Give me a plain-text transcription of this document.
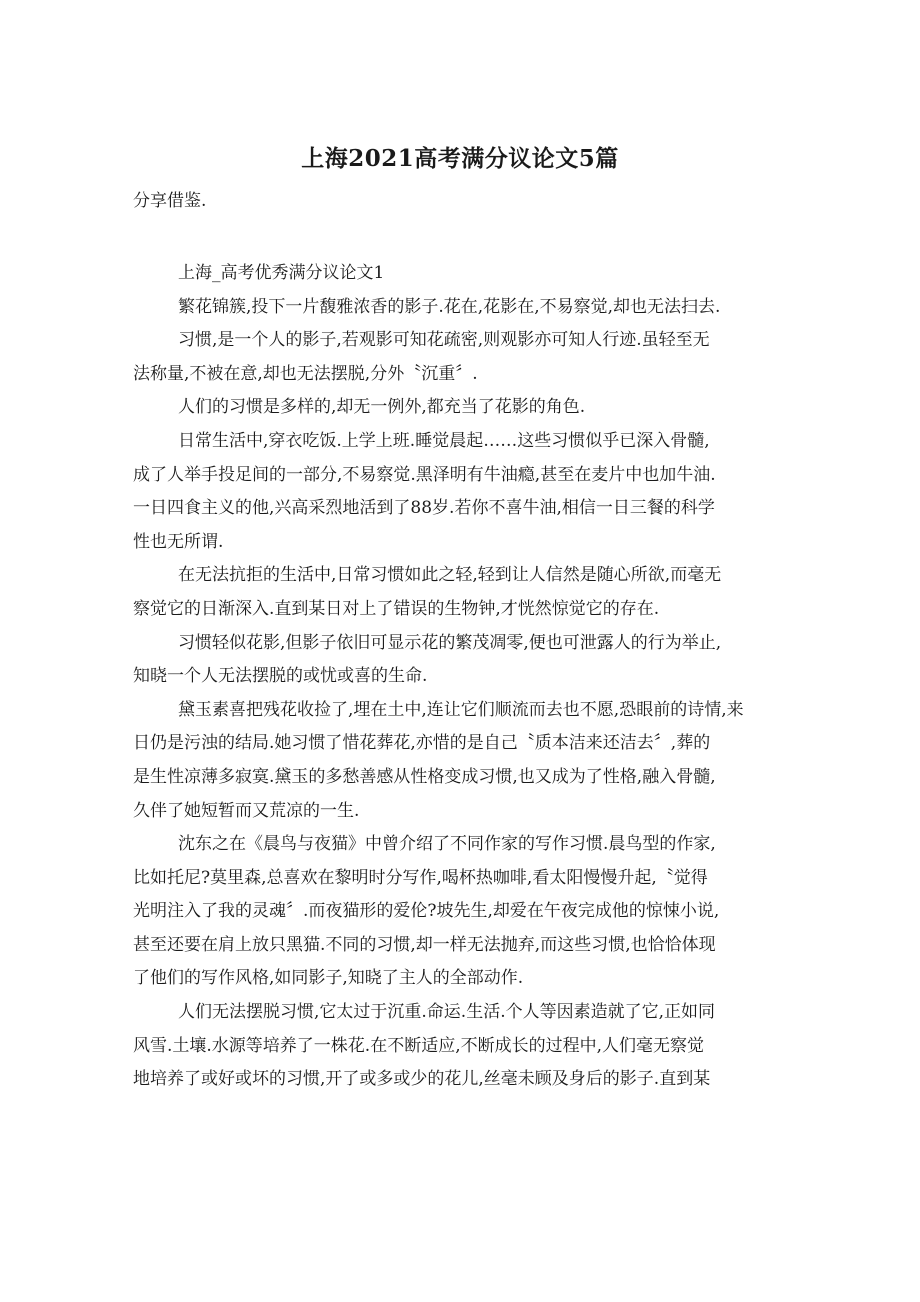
上海2021高考满分议论文5篇
分享借鉴.
上海_高考优秀满分议论文1
繁花锦簇,投下一片馥雅浓香的影子.花在,花影在,不易察觉,却也无法扫去.
习惯,是一个人的影子,若观影可知花疏密,则观影亦可知人行迹.虽轻至无
法称量,不被在意,却也无法摆脱,分外〝沉重〞.
人们的习惯是多样的,却无一例外,都充当了花影的角色.
日常生活中,穿衣吃饭.上学上班.睡觉晨起……这些习惯似乎已深入骨髓,
成了人举手投足间的一部分,不易察觉.黑泽明有牛油瘾,甚至在麦片中也加牛油.
一日四食主义的他,兴高采烈地活到了88岁.若你不喜牛油,相信一日三餐的科学
性也无所谓.
在无法抗拒的生活中,日常习惯如此之轻,轻到让人信然是随心所欲,而毫无
察觉它的日渐深入.直到某日对上了错误的生物钟,才恍然惊觉它的存在.
习惯轻似花影,但影子依旧可显示花的繁茂凋零,便也可泄露人的行为举止,
知晓一个人无法摆脱的或忧或喜的生命.
黛玉素喜把残花收捡了,埋在土中,连让它们顺流而去也不愿,恐眼前的诗情,来
日仍是污浊的结局.她习惯了惜花葬花,亦惜的是自己〝质本洁来还洁去〞,葬的
是生性凉薄多寂寞.黛玉的多愁善感从性格变成习惯,也又成为了性格,融入骨髓,
久伴了她短暂而又荒凉的一生.
沈东之在《晨鸟与夜猫》中曾介绍了不同作家的写作习惯.晨鸟型的作家,
比如托尼?莫里森,总喜欢在黎明时分写作,喝杯热咖啡,看太阳慢慢升起,〝觉得
光明注入了我的灵魂〞.而夜猫形的爱伦?坡先生,却爱在午夜完成他的惊悚小说,
甚至还要在肩上放只黑猫.不同的习惯,却一样无法抛弃,而这些习惯,也恰恰体现
了他们的写作风格,如同影子,知晓了主人的全部动作.
人们无法摆脱习惯,它太过于沉重.命运.生活.个人等因素造就了它,正如同
风雪.土壤.水源等培养了一株花.在不断适应,不断成长的过程中,人们毫无察觉
地培养了或好或坏的习惯,开了或多或少的花儿,丝毫未顾及身后的影子.直到某
